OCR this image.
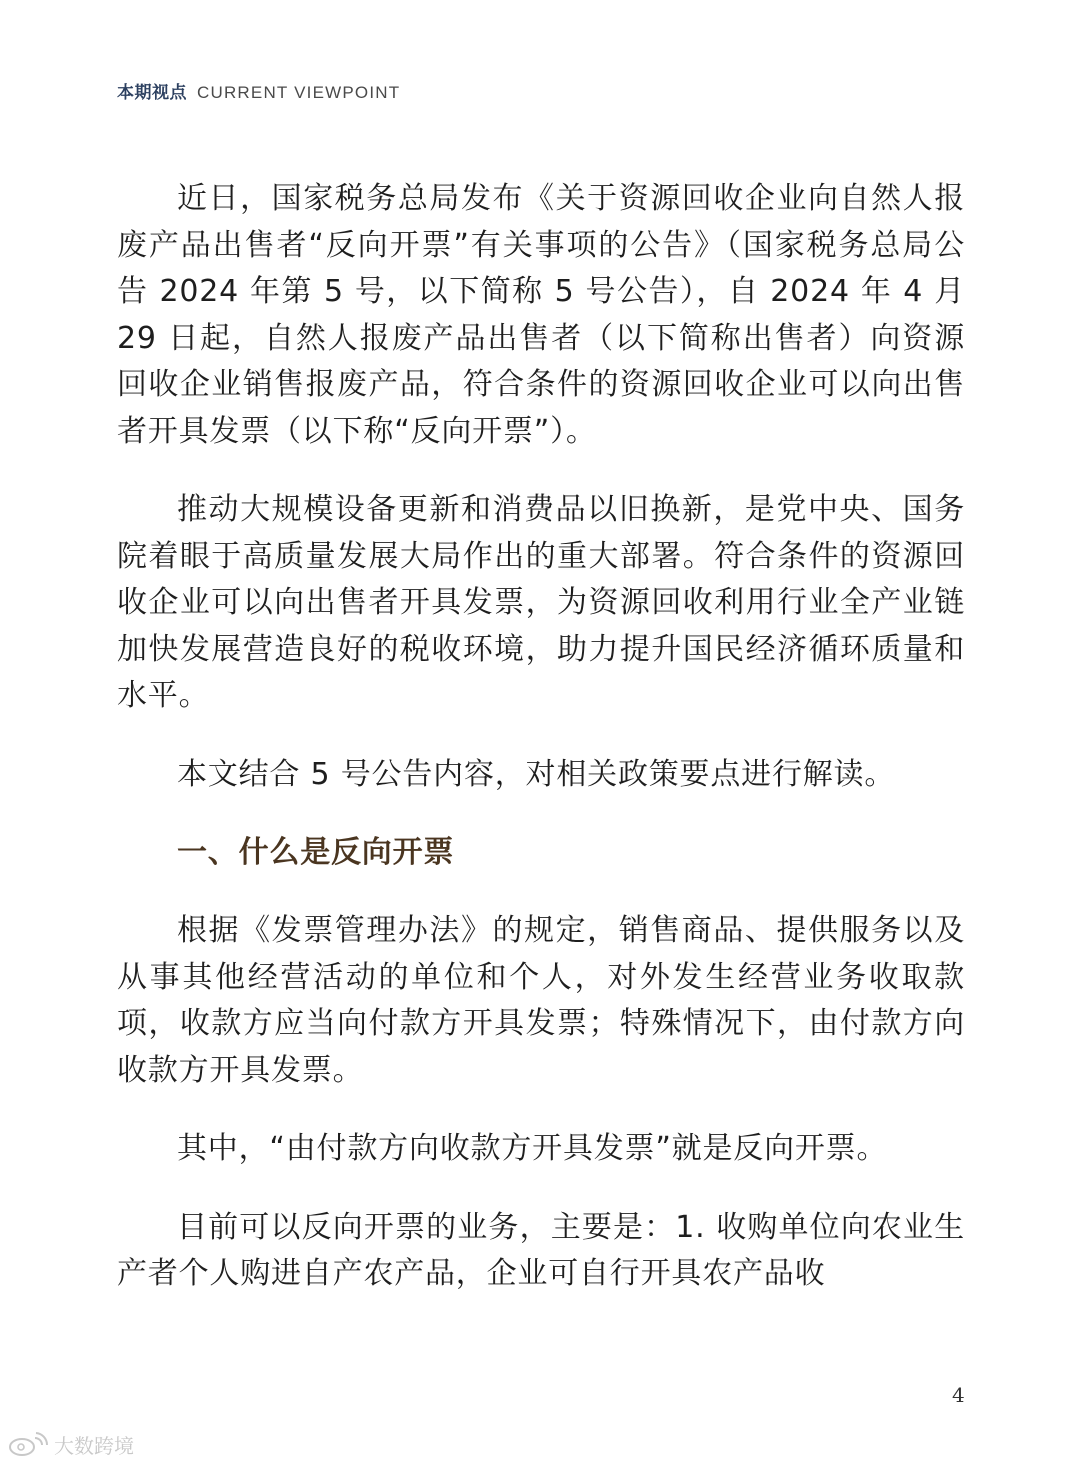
本期视点 CURRENT VIEWPOINT

近日，国家税务总局发布《关于资源回收企业向自然人报废产品出售者“反向开票”有关事项的公告》（国家税务总局公告 2024 年第 5 号，以下简称 5 号公告），自 2024 年 4 月 29 日起，自然人报废产品出售者（以下简称出售者）向资源回收企业销售报废产品，符合条件的资源回收企业可以向出售者开具发票（以下称“反向开票”）。

推动大规模设备更新和消费品以旧换新，是党中央、国务院着眼于高质量发展大局作出的重大部署。符合条件的资源回收企业可以向出售者开具发票，为资源回收利用行业全产业链加快发展营造良好的税收环境，助力提升国民经济循环质量和水平。

本文结合 5 号公告内容，对相关政策要点进行解读。

一、什么是反向开票

根据《发票管理办法》的规定，销售商品、提供服务以及从事其他经营活动的单位和个人，对外发生经营业务收取款项，收款方应当向付款方开具发票；特殊情况下，由付款方向收款方开具发票。

其中，“由付款方向收款方开具发票”就是反向开票。

目前可以反向开票的业务，主要是：1. 收购单位向农业生产者个人购进自产农产品，企业可自行开具农产品收

4
大数跨境
